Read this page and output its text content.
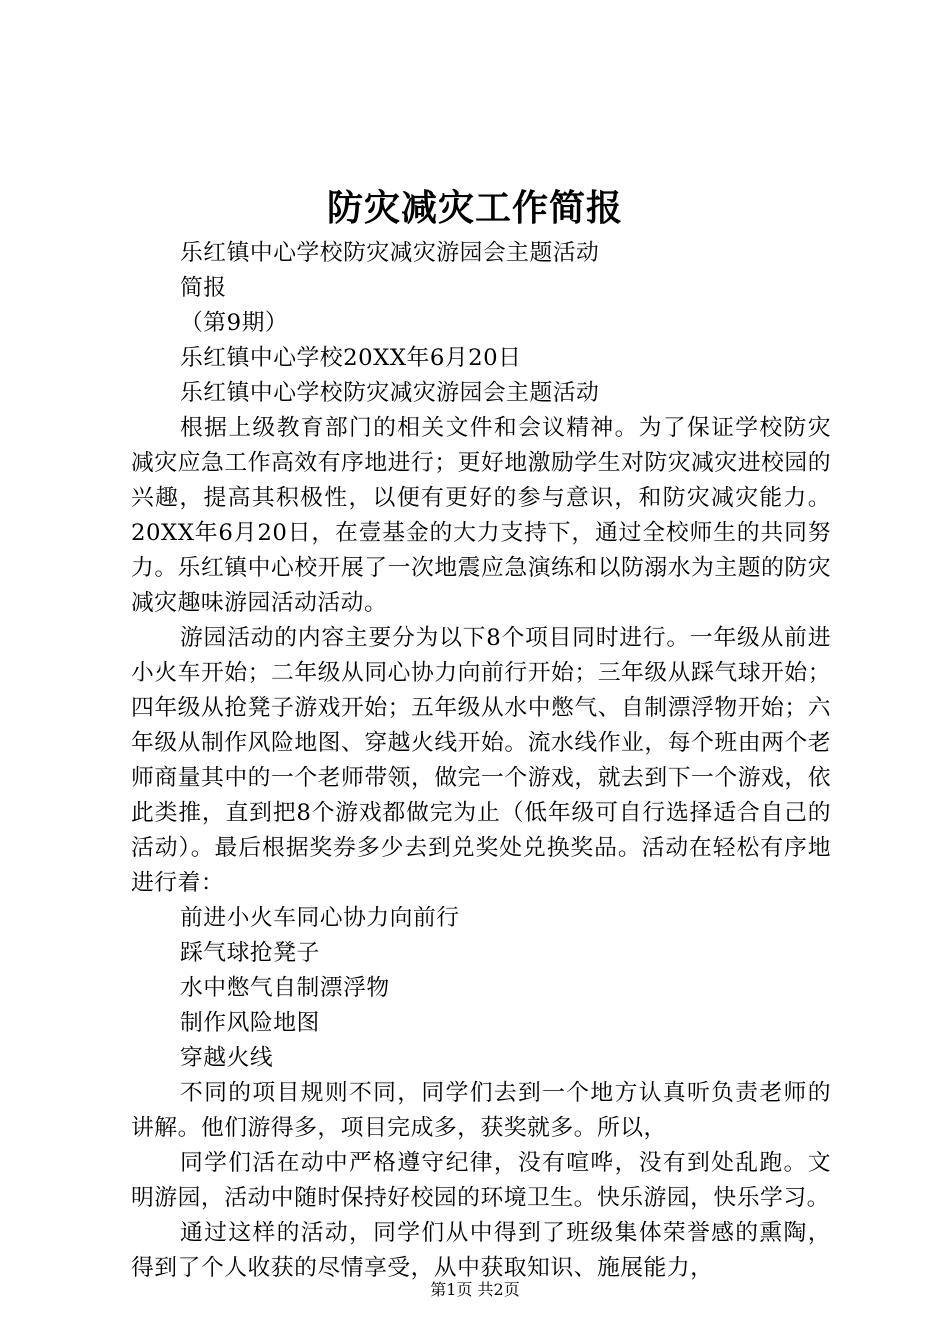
防灾减灾工作简报
乐红镇中心学校防灾减灾游园会主题活动
简报
（第9期）
乐红镇中心学校20XX年6月20日
乐红镇中心学校防灾减灾游园会主题活动
根据上级教育部门的相关文件和会议精神。为了保证学校防灾减灾应急工作高效有序地进行；更好地激励学生对防灾减灾进校园的兴趣，提高其积极性，以便有更好的参与意识，和防灾减灾能力。20XX年6月20日，在壹基金的大力支持下，通过全校师生的共同努力。乐红镇中心校开展了一次地震应急演练和以防溺水为主题的防灾减灾趣味游园活动活动。
游园活动的内容主要分为以下8个项目同时进行。一年级从前进小火车开始；二年级从同心协力向前行开始；三年级从踩气球开始；四年级从抢凳子游戏开始；五年级从水中憋气、自制漂浮物开始；六年级从制作风险地图、穿越火线开始。流水线作业，每个班由两个老师商量其中的一个老师带领，做完一个游戏，就去到下一个游戏，依此类推，直到把8个游戏都做完为止（低年级可自行选择适合自己的活动）。最后根据奖券多少去到兑奖处兑换奖品。活动在轻松有序地进行着：
前进小火车同心协力向前行
踩气球抢凳子
水中憋气自制漂浮物
制作风险地图
穿越火线
不同的项目规则不同，同学们去到一个地方认真听负责老师的讲解。他们游得多，项目完成多，获奖就多。所以，
同学们活在动中严格遵守纪律，没有喧哗，没有到处乱跑。文明游园，活动中随时保持好校园的环境卫生。快乐游园，快乐学习。
通过这样的活动，同学们从中得到了班级集体荣誉感的熏陶，得到了个人收获的尽情享受，从中获取知识、施展能力，
第1页 共2页
